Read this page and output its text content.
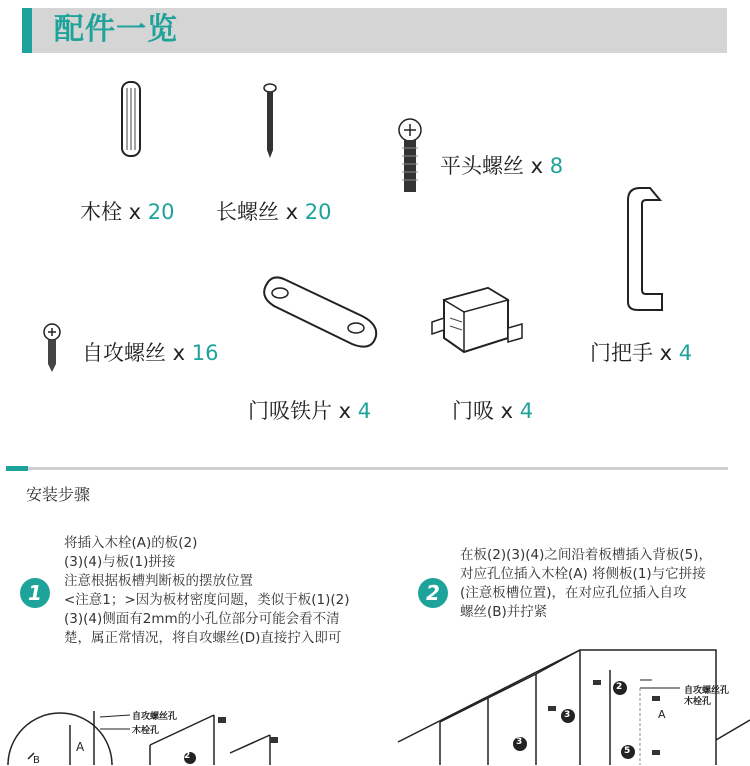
配件一览
木栓 x 20 长螺丝 x 20
平头螺丝 x 8
自攻螺丝 x 16
门吸铁片 x 4	门吸 x 4
门把手 x 4
安装步骤
1
将插入木栓(A)的板(2)
(3)(4)与板(1)拼接
注意根据板槽判断板的摆放位置
<注意1；>因为板材密度问题，类似于板(1)(2)
(3)(4)侧面有2mm的小孔位部分可能会看不清
楚，属正常情况，将自攻螺丝(D)直接拧入即可
2
在板(2)(3)(4)之间沿着板槽插入背板(5)，
对应孔位插入木栓(A) 将侧板(1)与它拼接
(注意板槽位置)，在对应孔位插入自攻
螺丝(B)并拧紧
自攻螺丝孔
木栓孔
A
B	2
自攻螺丝孔
木栓孔
A
2
3
3
5
